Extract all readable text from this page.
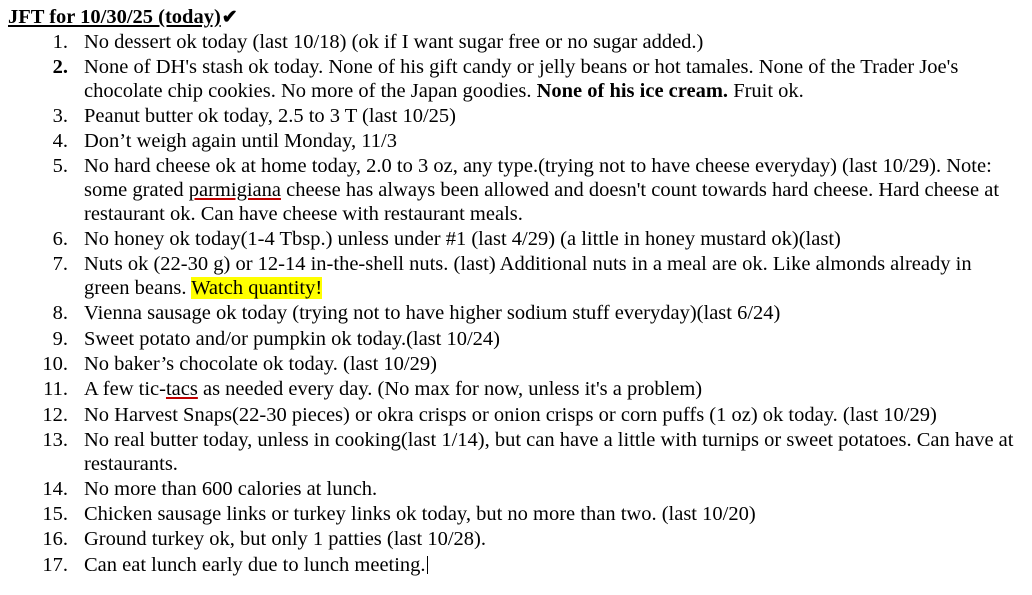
JFT for 10/30/25 (today)✔
1. No dessert ok today (last 10/18) (ok if I want sugar free or no sugar added.)
2. None of DH's stash ok today. None of his gift candy or jelly beans or hot tamales. None of the Trader Joe's chocolate chip cookies. No more of the Japan goodies. None of his ice cream. Fruit ok.
3. Peanut butter ok today, 2.5 to 3 T (last 10/25)
4. Don’t weigh again until Monday, 11/3
5. No hard cheese ok at home today, 2.0 to 3 oz, any type.(trying not to have cheese everyday) (last 10/29). Note: some grated parmigiana cheese has always been allowed and doesn't count towards hard cheese. Hard cheese at restaurant ok. Can have cheese with restaurant meals.
6. No honey ok today(1-4 Tbsp.) unless under #1 (last 4/29) (a little in honey mustard ok)(last)
7. Nuts ok (22-30 g) or 12-14 in-the-shell nuts. (last) Additional nuts in a meal are ok. Like almonds already in green beans. Watch quantity!
8. Vienna sausage ok today (trying not to have higher sodium stuff everyday)(last 6/24)
9. Sweet potato and/or pumpkin ok today.(last 10/24)
10. No baker’s chocolate ok today. (last 10/29)
11. A few tic-tacs as needed every day. (No max for now, unless it's a problem)
12. No Harvest Snaps(22-30 pieces) or okra crisps or onion crisps or corn puffs (1 oz) ok today. (last 10/29)
13. No real butter today, unless in cooking(last 1/14), but can have a little with turnips or sweet potatoes. Can have at restaurants.
14. No more than 600 calories at lunch.
15. Chicken sausage links or turkey links ok today, but no more than two. (last 10/20)
16. Ground turkey ok, but only 1 patties (last 10/28).
17. Can eat lunch early due to lunch meeting.
